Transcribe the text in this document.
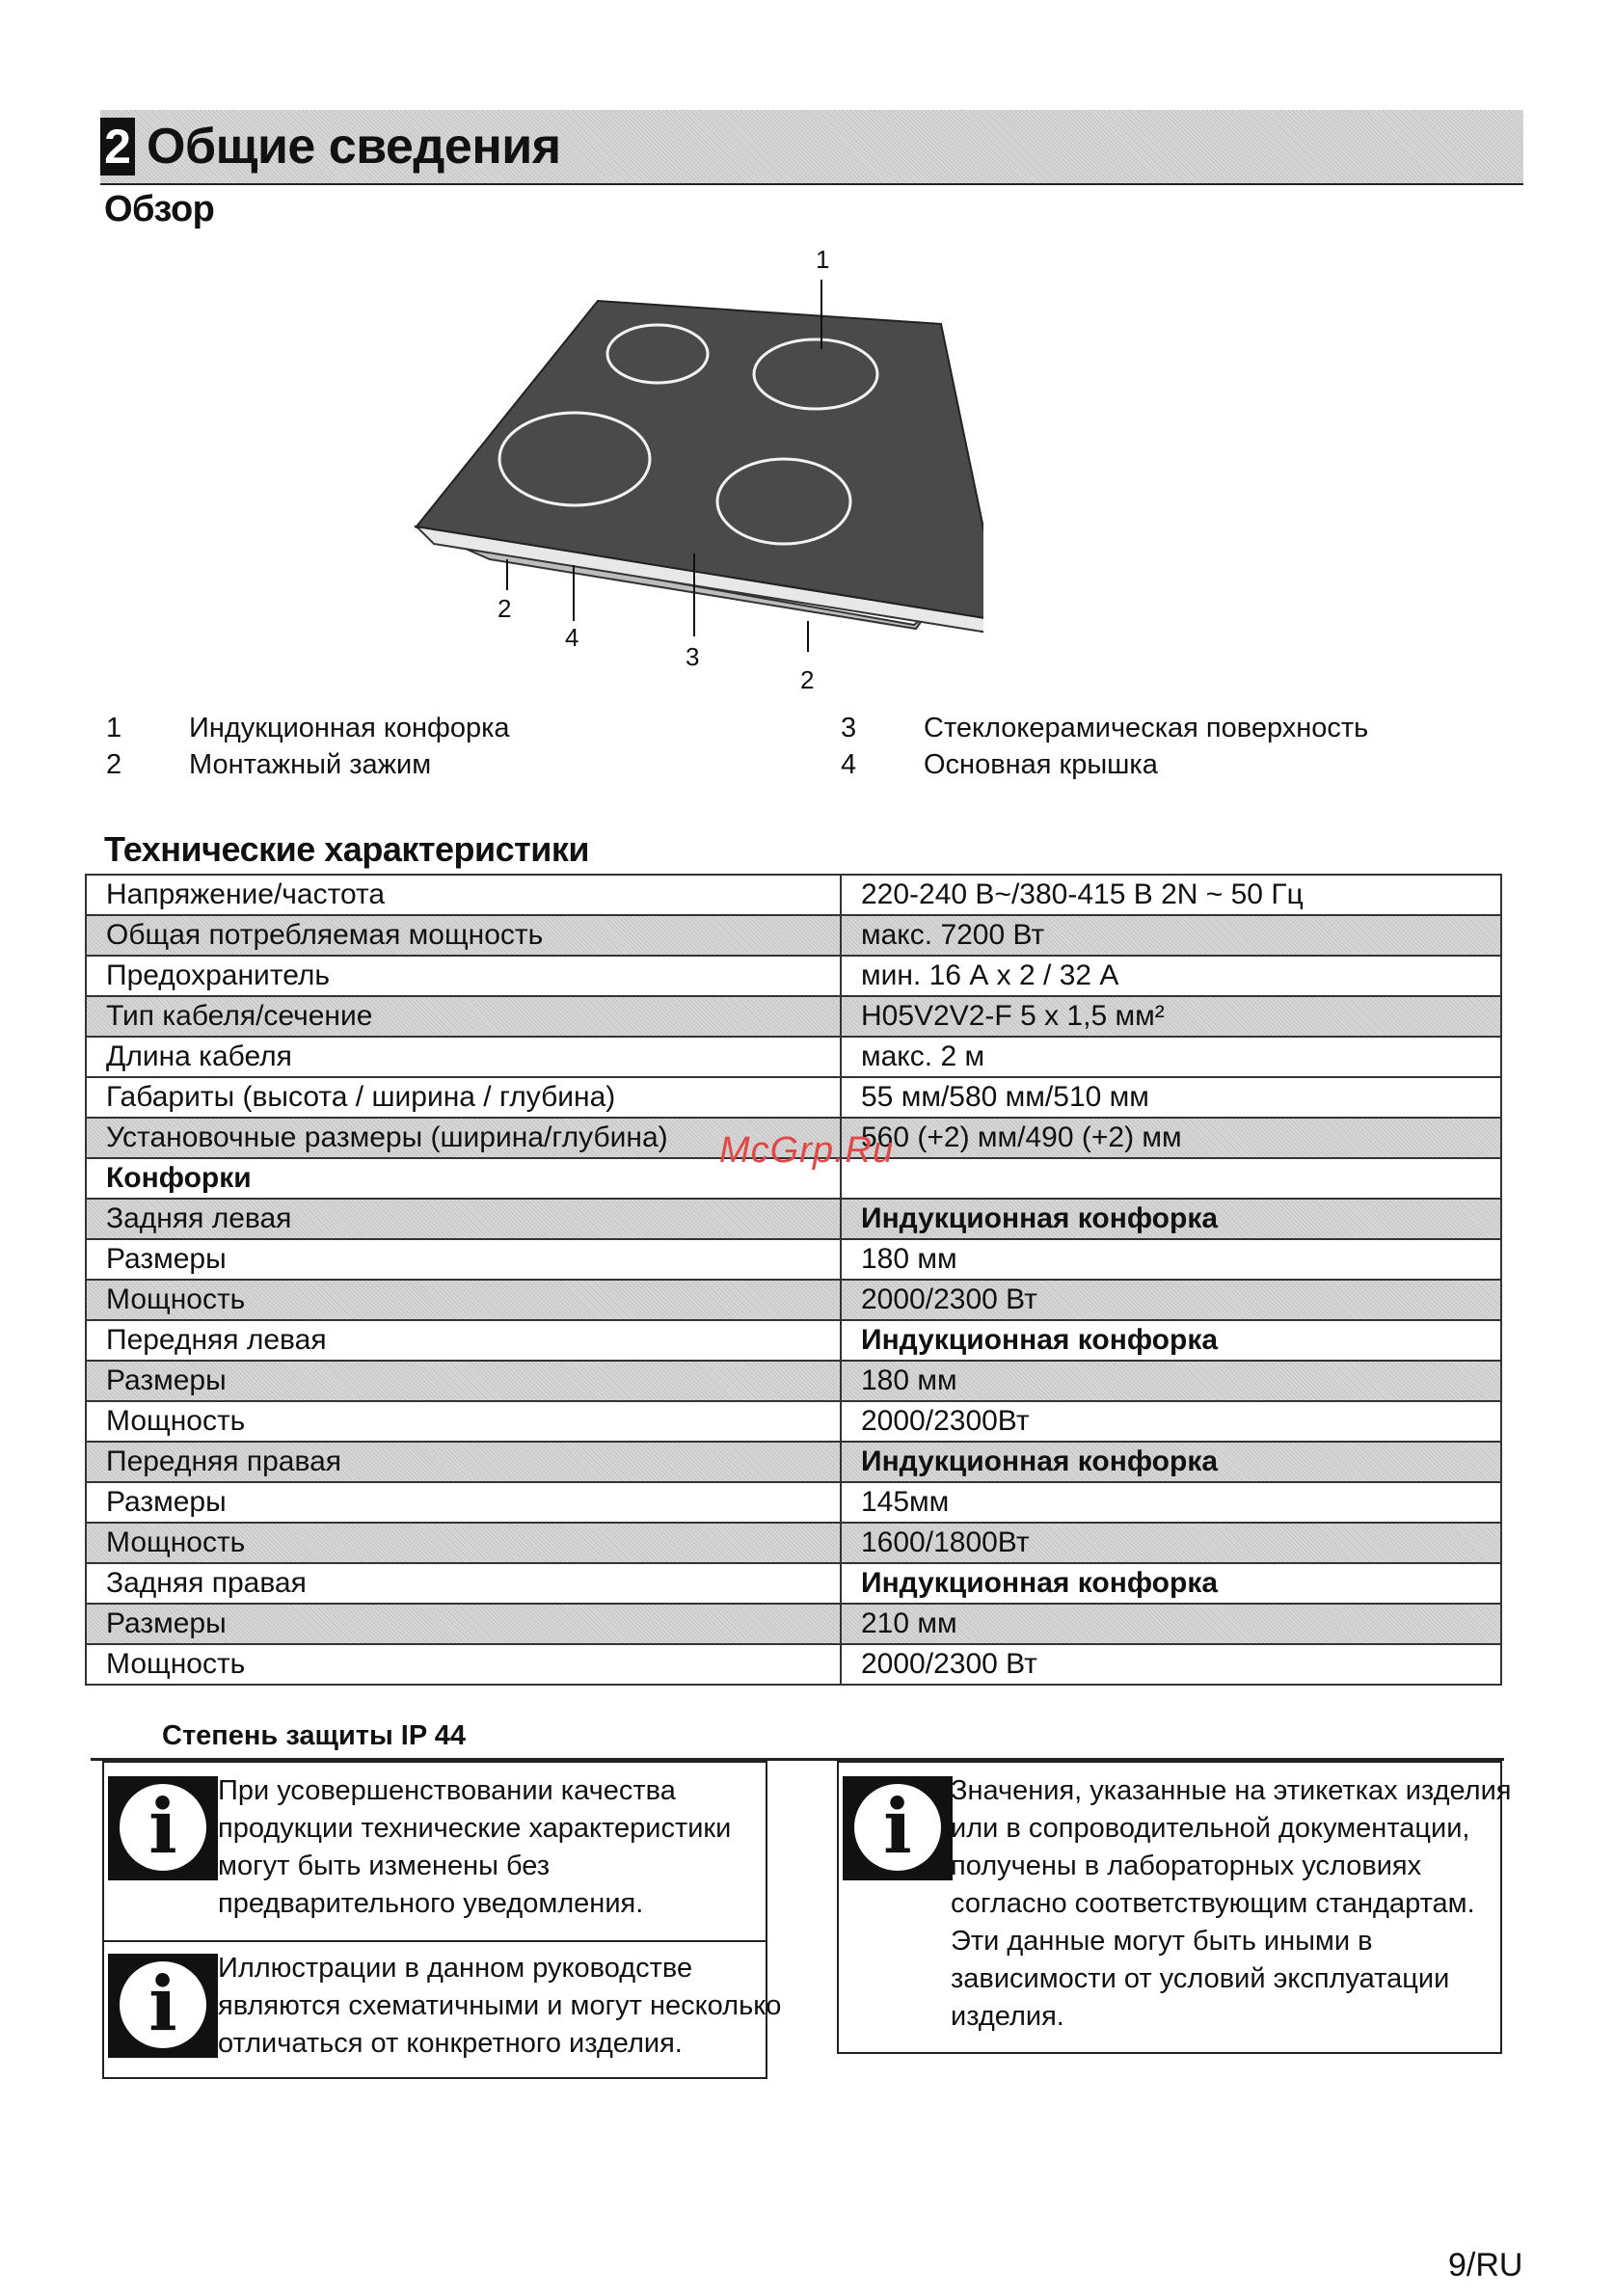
2 Общие сведения
Обзор
1
2
4
3
2
1 Индукционная конфорка
2 Монтажный зажим
3 Стеклокерамическая поверхность
4 Основная крышка
Технические характеристики
Напряжение/частота	220-240 В~/380-415 В 2N ~ 50 Гц
Общая потребляемая мощность	макс. 7200 Вт
Предохранитель	мин. 16 А x 2 / 32 А
Тип кабеля/сечение	H05V2V2-F 5 x 1,5 мм²
Длина кабеля	макс. 2 м
Габариты (высота / ширина / глубина)	55 мм/580 мм/510 мм
Установочные размеры (ширина/глубина)	560 (+2) мм/490 (+2) мм
Конфорки	
Задняя левая	Индукционная конфорка
Размеры	180 мм
Мощность	2000/2300 Вт
Передняя левая	Индукционная конфорка
Размеры	180 мм
Мощность	2000/2300Вт
Передняя правая	Индукционная конфорка
Размеры	145мм
Мощность	1600/1800Вт
Задняя правая	Индукционная конфорка
Размеры	210 мм
Мощность	2000/2300 Вт
Степень защиты IP 44
i	При усовершенствовании качества
продукции технические характеристики
могут быть изменены без
предварительного уведомления.
i	Иллюстрации в данном руководстве
являются схематичными и могут несколько
отличаться от конкретного изделия.
i	Значения, указанные на этикетках изделия
или в сопроводительной документации,
получены в лабораторных условиях
согласно соответствующим стандартам.
Эти данные могут быть иными в
зависимости от условий эксплуатации
изделия.
McGrp.Ru
9/RU
